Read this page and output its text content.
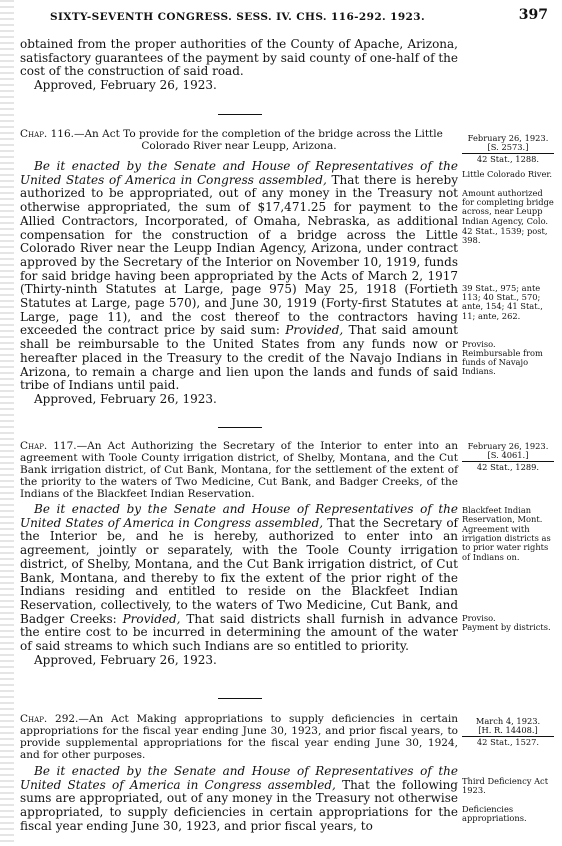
SIXTY-SEVENTH CONGRESS. SESS. IV. CHS. 116-292. 1923.	397

obtained from the proper authorities of the County of Apache, Arizona, satisfactory guarantees of the payment by said county of one-half of the cost of the construction of said road.

Approved, February 26, 1923.

Chap. 116.—An Act To provide for the completion of the bridge across the Little
Colorado River near Leupp, Arizona.

Be it enacted by the Senate and House of Representatives of the United States of America in Congress assembled, That there is hereby authorized to be appropriated, out of any money in the Treasury not otherwise appropriated, the sum of $17,471.25 for payment to the Allied Contractors, Incorporated, of Omaha, Nebraska, as additional compensation for the construction of a bridge across the Little Colorado River near the Leupp Indian Agency, Arizona, under contract approved by the Secretary of the Interior on November 10, 1919, funds for said bridge having been appropriated by the Acts of March 2, 1917 (Thirty-ninth Statutes at Large, page 975) May 25, 1918 (Fortieth Statutes at Large, page 570), and June 30, 1919 (Forty-first Statutes at Large, page 11), and the cost thereof to the contractors having exceeded the contract price by said sum: Provided, That said amount shall be reimbursable to the United States from any funds now or hereafter placed in the Treasury to the credit of the Navajo Indians in Arizona, to remain a charge and lien upon the lands and funds of said tribe of Indians until paid.

Approved, February 26, 1923.

February 26, 1923.
[S. 2573.]
42 Stat., 1288.
Little Colorado River.
Amount authorized for completing bridge across, near Leupp Indian Agency, Colo.
42 Stat., 1539; post, 398.
39 Stat., 975; ante 113; 40 Stat., 570; ante, 154; 41 Stat., 11; ante, 262.
Proviso.
Reimbursable from funds of Navajo Indians.
Chap. 117.—An Act Authorizing the Secretary of the Interior to enter into an agreement with Toole County irrigation district, of Shelby, Montana, and the Cut Bank irrigation district, of Cut Bank, Montana, for the settlement of the extent of the priority to the waters of Two Medicine, Cut Bank, and Badger Creeks, of the Indians of the Blackfeet Indian Reservation.

Be it enacted by the Senate and House of Representatives of the United States of America in Congress assembled, That the Secretary of the Interior be, and he is hereby, authorized to enter into an agreement, jointly or separately, with the Toole County irrigation district, of Shelby, Montana, and the Cut Bank irrigation district, of Cut Bank, Montana, and thereby to fix the extent of the prior right of the Indians residing and entitled to reside on the Blackfeet Indian Reservation, collectively, to the waters of Two Medicine, Cut Bank, and Badger Creeks: Provided, That said districts shall furnish in advance the entire cost to be incurred in determining the amount of the water of said streams to which such Indians are so entitled to priority.

Approved, February 26, 1923.

February 26, 1923.
[S. 4061.]
42 Stat., 1289.
Blackfeet Indian Reservation, Mont.
Agreement with irrigation districts as to prior water rights of Indians on.
Proviso.
Payment by districts.
Chap. 292.—An Act Making appropriations to supply deficiencies in certain appropriations for the fiscal year ending June 30, 1923, and prior fiscal years, to provide supplemental appropriations for the fiscal year ending June 30, 1924, and for other purposes.

Be it enacted by the Senate and House of Representatives of the United States of America in Congress assembled, That the following sums are appropriated, out of any money in the Treasury not otherwise appropriated, to supply deficiencies in certain appropriations for the fiscal year ending June 30, 1923, and prior fiscal years, to

March 4, 1923.
[H. R. 14408.]
42 Stat., 1527.
Third Deficiency Act 1923.
Deficiencies appropriations.
